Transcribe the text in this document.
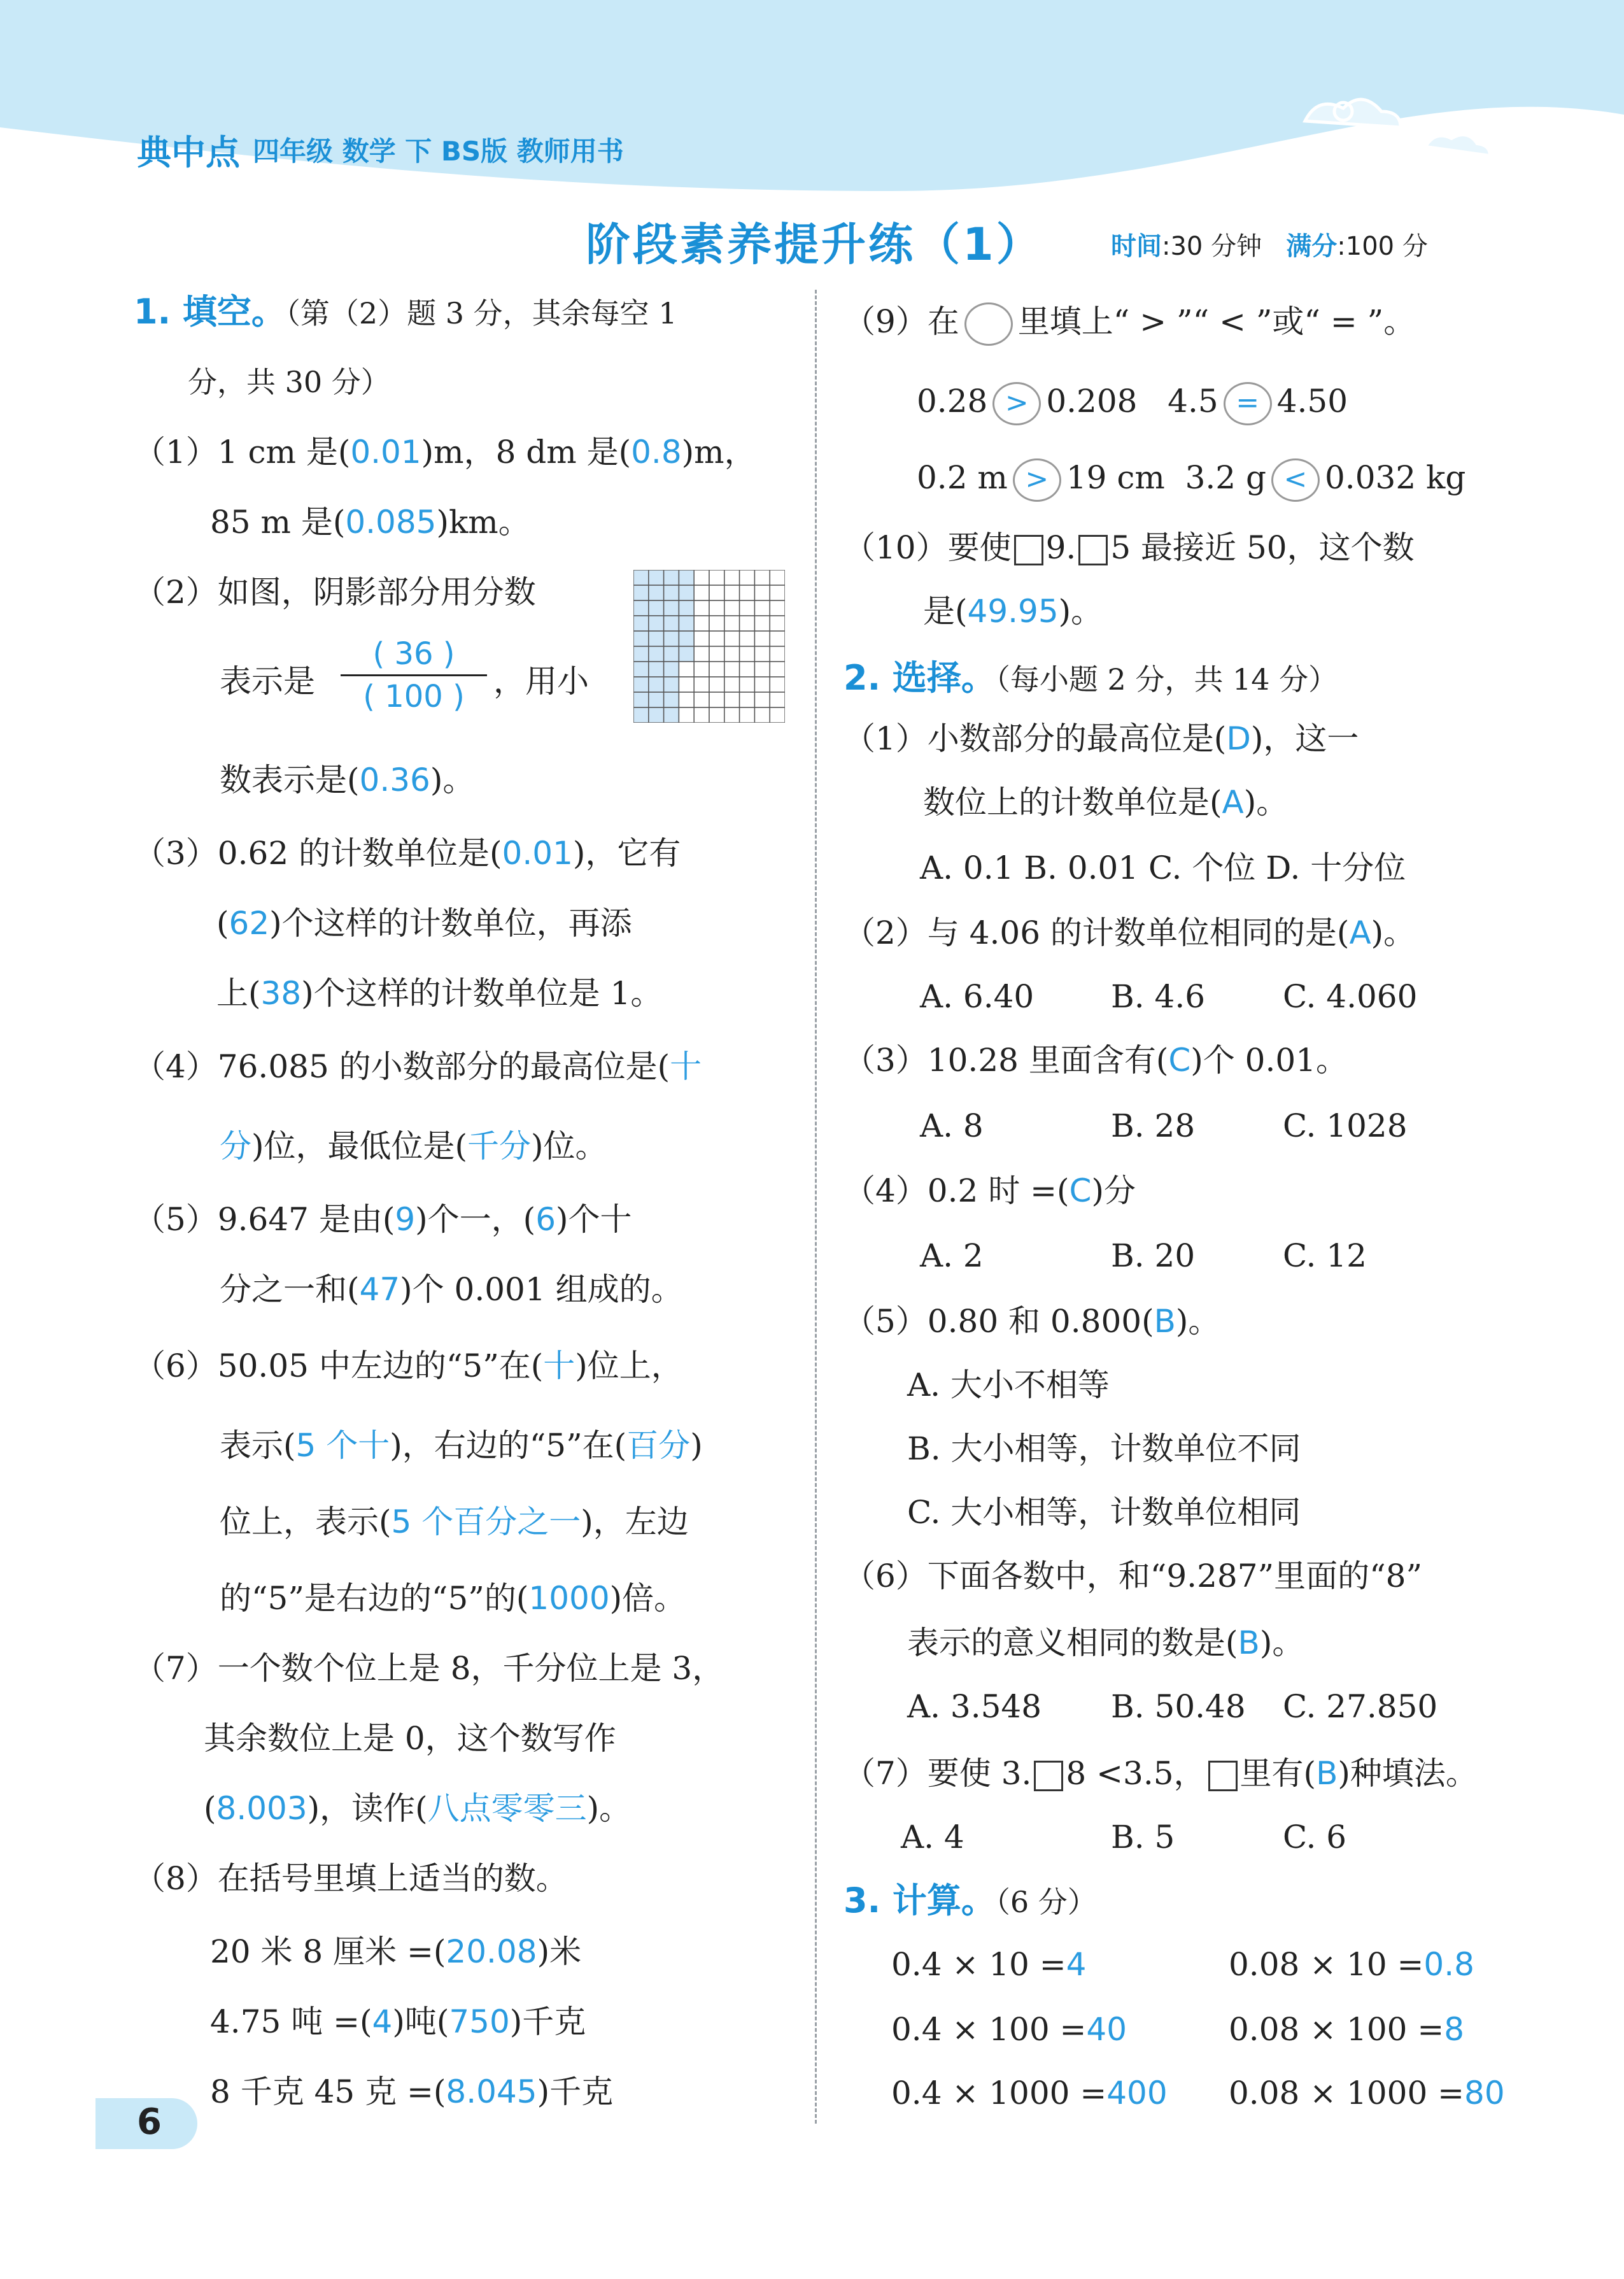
典中点 四年级 数学 下 BS版 教师用书
阶段素养提升练（1）	时间:30 分钟 满分:100 分
1. 填空。（第（2）题 3 分，其余每空 1
分，共 30 分）
（1）1 cm 是(0.01)m，8 dm 是(0.8)m，
85 m 是(0.085)km。
（2）如图，阴影部分用分数
表示是
( 36 )
( 100 ) ，用小
数表示是(0.36)。
（3）0.62 的计数单位是(0.01)，它有
(62)个这样的计数单位，再添
上(38)个这样的计数单位是 1。
（4）76.085 的小数部分的最高位是(十
分)位，最低位是(千分)位。
（5）9.647 是由(9)个一，(6)个十
分之一和(47)个 0.001 组成的。
（6）50.05 中左边的“5”在(十)位上，
表示(5 个十)，右边的“5”在(百分)
位上，表示(5 个百分之一)，左边
的“5”是右边的“5”的(1000)倍。
（7）一个数个位上是 8，千分位上是 3，
其余数位上是 0，这个数写作
(8.003)，读作(八点零零三)。
（8）在括号里填上适当的数。
20 米 8 厘米 =(20.08)米
4.75 吨 =(4)吨(750)千克
8 千克 45 克 =(8.045)千克
（9）在 里填上“ > ”“ < ”或“ = ”。
0.28 > 0.208 4.5 = 4.50
0.2 m > 19 cm 3.2 g < 0.032 kg
（10）要使 9. 5 最接近 50，这个数
是(49.95)。
2. 选择。（每小题 2 分，共 14 分）
（1）小数部分的最高位是(D)，这一
数位上的计数单位是(A)。
A. 0.1 B. 0.01 C. 个位 D. 十分位
（2）与 4.06 的计数单位相同的是(A)。
A. 6.40 B. 4.6 C. 4.060
（3）10.28 里面含有(C)个 0.01。
A. 8	B. 28	C. 1028
（4）0.2 时 =(C)分
A. 2	B. 20	C. 12
（5）0.80 和 0.800(B)。
A. 大小不相等
B. 大小相等，计数单位不同
C. 大小相等，计数单位相同
（6）下面各数中，和“9.287”里面的“8”
表示的意义相同的数是(B)。
A. 3.548 B. 50.48 C. 27.850
（7）要使 3. 8 <3.5， 里有(B)种填法。
A. 4	B. 5	C. 6
3. 计算。（6 分）
0.4 × 10 =4	0.08 × 10 =0.8
0.4 × 100 =40	0.08 × 100 =8
0.4 × 1000 =400 0.08 × 1000 =80
6
